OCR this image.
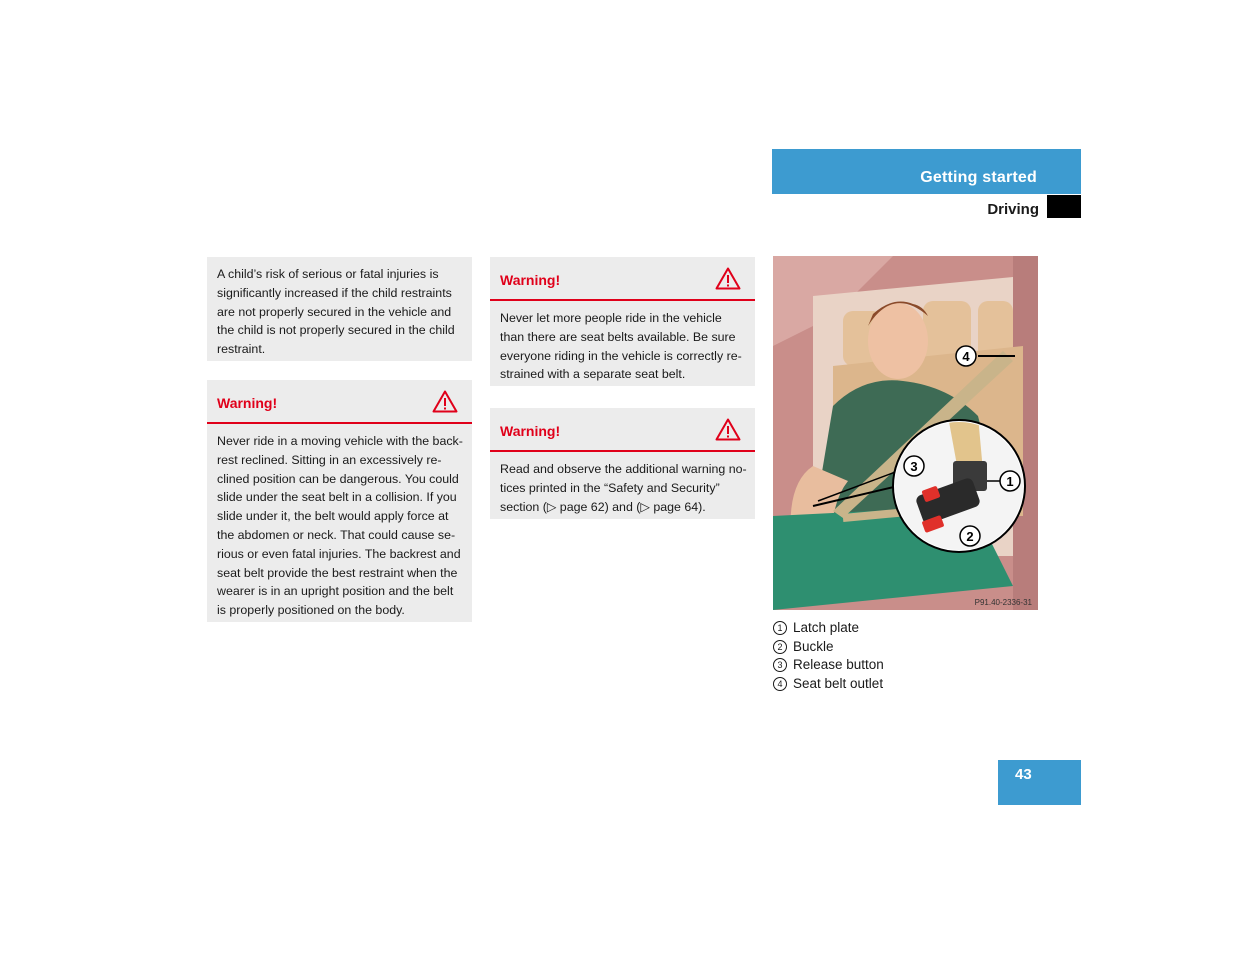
Getting started
Driving
A child’s risk of serious or fatal injuries is significantly increased if the child restraints are not properly secured in the vehicle and the child is not properly secured in the child restraint.
Warning!
Never ride in a moving vehicle with the back-rest reclined. Sitting in an excessively re-clined position can be dangerous. You could slide under the seat belt in a collision. If you slide under it, the belt would apply force at the abdomen or neck. That could cause se-rious or even fatal injuries. The backrest and seat belt provide the best restraint when the wearer is in an upright position and the belt is properly positioned on the body.
Warning!
Never let more people ride in the vehicle than there are seat belts available. Be sure everyone riding in the vehicle is correctly re-strained with a separate seat belt.
Warning!
Read and observe the additional warning no-tices printed in the “Safety and Security” section (▷ page 62) and (▷ page 64).
4
3
1
2
P91.40-2336-31
1 Latch plate
2 Buckle
3 Release button
4 Seat belt outlet
43
